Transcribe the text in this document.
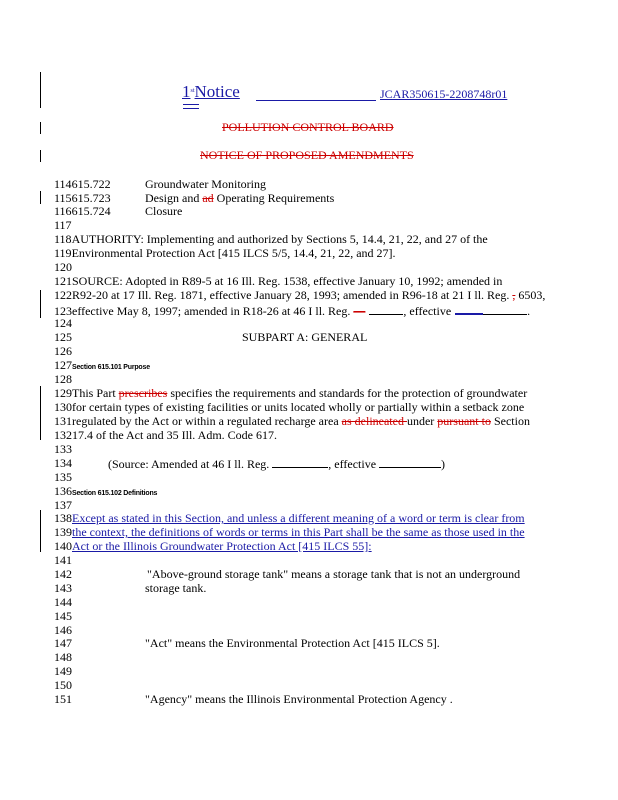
1stNotice	JCAR350615-2208748r01
POLLUTION CONTROL BOARD
NOTICE OF PROPOSED AMENDMENTS
114615.722	Groundwater Monitoring
115615.723	Design and ad Operating Requirements
116615.724	Closure
117
118AUTHORITY: Implementing and authorized by Sections 5, 14.4, 21, 22, and 27 of the
119Environmental Protection Act [415 ILCS 5/5, 14.4, 21, 22, and 27].
120
121SOURCE: Adopted in R89-5 at 16 Ill. Reg. 1538, effective January 10, 1992; amended in
122R92-20 at 17 Ill. Reg. 1871, effective January 28, 1993; amended in R96-18 at 21 I ll. Reg. , 6503,
123effective May 8, 1997; amended in R18-26 at 46 I ll. Reg. —	, effective	.
124
125	SUBPART A: GENERAL
126
127Section 615.101 Purpose
128
129This Part prescribes specifies the requirements and standards for the protection of groundwater
130for certain types of existing facilities or units located wholly or partially within a setback zone
131regulated by the Act or within a regulated recharge area as delineated under pursuant to Section
13217.4 of the Act and 35 Ill. Adm. Code 617.
133
134	(Source: Amended at 46 I ll. Reg.	, effective	)
135
136Section 615.102 Definitions
137
138Except as stated in this Section, and unless a different meaning of a word or term is clear from
139the context, the definitions of words or terms in this Part shall be the same as those used in the
140Act or the Illinois Groundwater Protection Act [415 ILCS 55]:
141
142	"Above-ground storage tank" means a storage tank that is not an underground
143	storage tank.
144
145
146
147	"Act" means the Environmental Protection Act [415 ILCS 5].
148
149
150
151	"Agency" means the Illinois Environmental Protection Agency .
